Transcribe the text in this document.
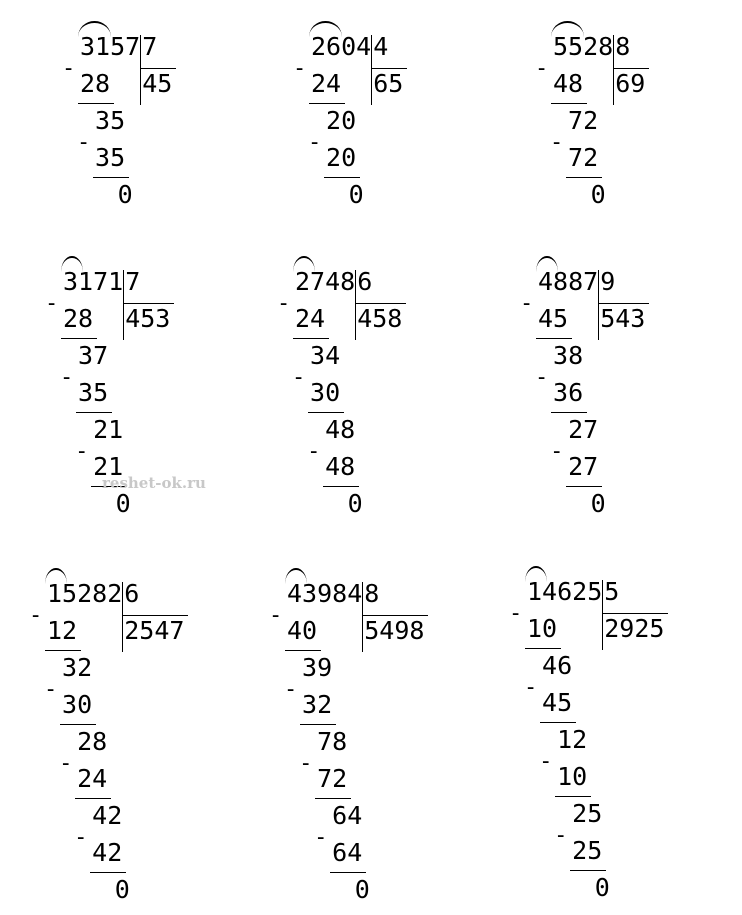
3157 7
45
-
28
35
-
35
0
2604 4
65
-
24
20
-
20
0
5528 8
69
-
48
72
-
72
0
3171 7
453
-
28
37
-
35
21
-
21
0
2748 6
458
-
24
34
-
30
48
-
48
0
4887 9
543
-
45
38
-
36
27
-
27
0
15282 6
2547
-
12
32
-
30
28
-
24
42
-
42
0
43984 8
5498
-
40
39
-
32
78
-
72
64
-
64
0
14625 5
2925
-
10
46
-
45
12
-
10
25
-
25
0
reshet-ok.ru
